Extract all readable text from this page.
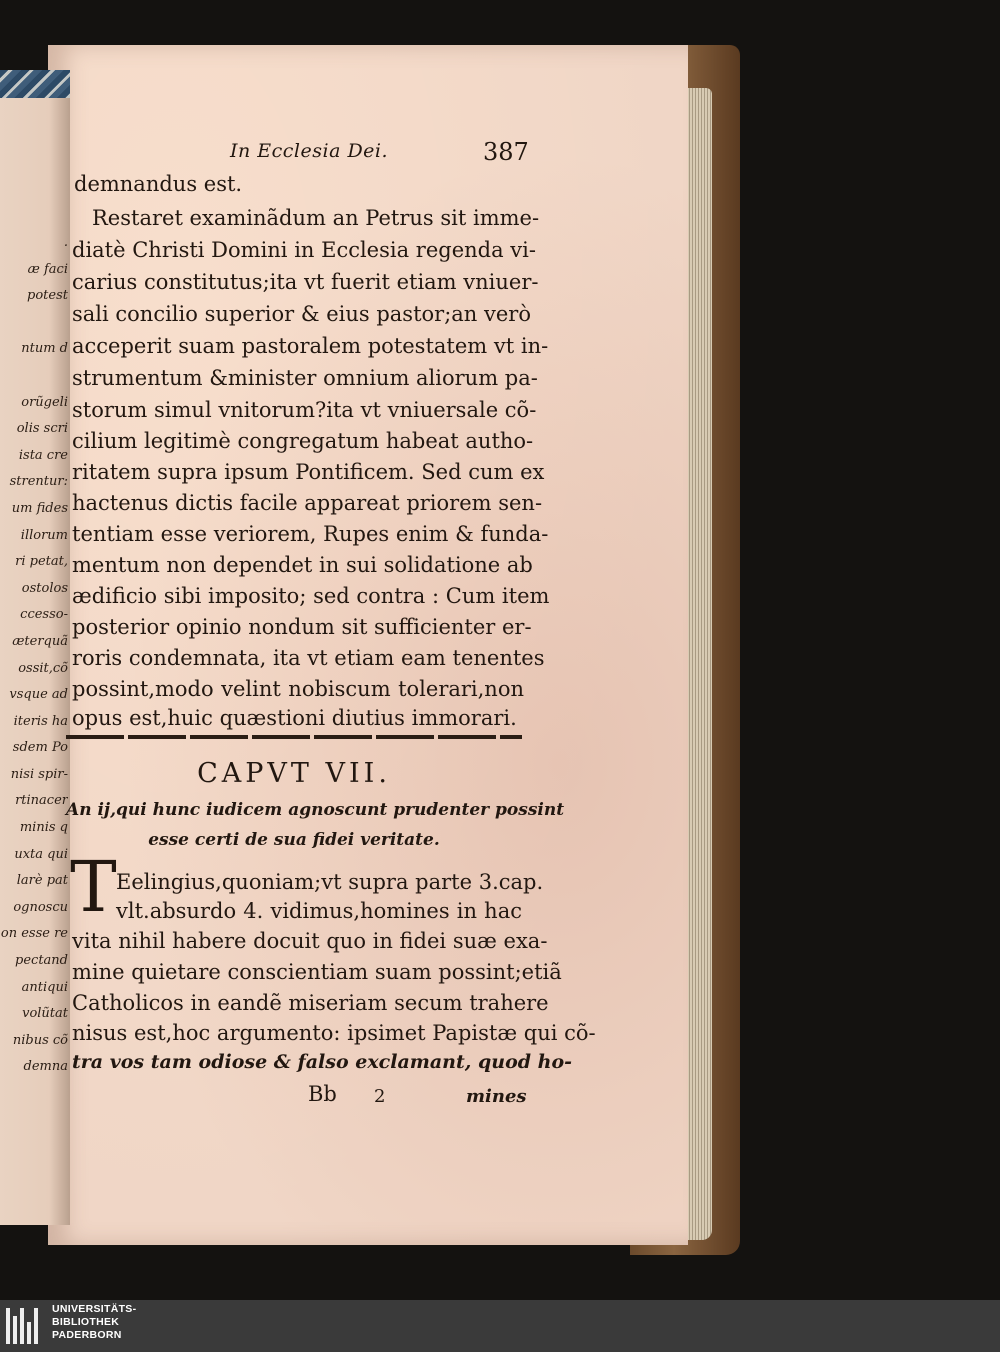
.
æ faci
potest

ntum d

orũgeli
olis scri
ista cre
strentur:
um fides
illorum
ri petat,
ostolos
ccesso-
æterquã
ossit,cõ
vsque ad
iteris ha
sdem Po
nisi spir-
rtinacer
minis q
uxta qui
larè pat
ognoscu
on esse re
pectand
antiqui
volũtat
nibus cõ
demna
In Ecclesia Dei.	387
demnandus est.
Restaret examinãdum an Petrus sit imme-
diatè Christi Domini in Ecclesia regenda vi-
carius constitutus;ita vt fuerit etiam vniuer-
sali concilio superior & eius pastor;an verò
acceperit suam pastoralem potestatem vt in-
strumentum &minister omnium aliorum pa-
storum simul vnitorum?ita vt vniuersale cõ-
cilium legitimè congregatum habeat autho-
ritatem supra ipsum Pontificem. Sed cum ex
hactenus dictis facile appareat priorem sen-
tentiam esse veriorem, Rupes enim & funda-
mentum non dependet in sui solidatione ab
ædificio sibi imposito; sed contra : Cum item
posterior opinio nondum sit sufficienter er-
roris condemnata, ita vt etiam eam tenentes
possint,modo velint nobiscum tolerari,non
opus est,huic quæstioni diutius immorari.
CAPVT VII.
An ij,qui hunc iudicem agnoscunt prudenter possint
esse certi de sua fidei veritate.
T Eelingius,quoniam;vt supra parte 3.cap.
vlt.absurdo 4. vidimus,homines in hac
vita nihil habere docuit quo in fidei suæ exa-
mine quietare conscientiam suam possint;etiã
Catholicos in eandẽ miseriam secum trahere
nisus est,hoc argumento: ipsimet Papistæ qui cõ-
tra vos tam odiose & falso exclamant, quod ho-
Bb 2	mines
UNIVERSITÄTS-
BIBLIOTHEK
PADERBORN
